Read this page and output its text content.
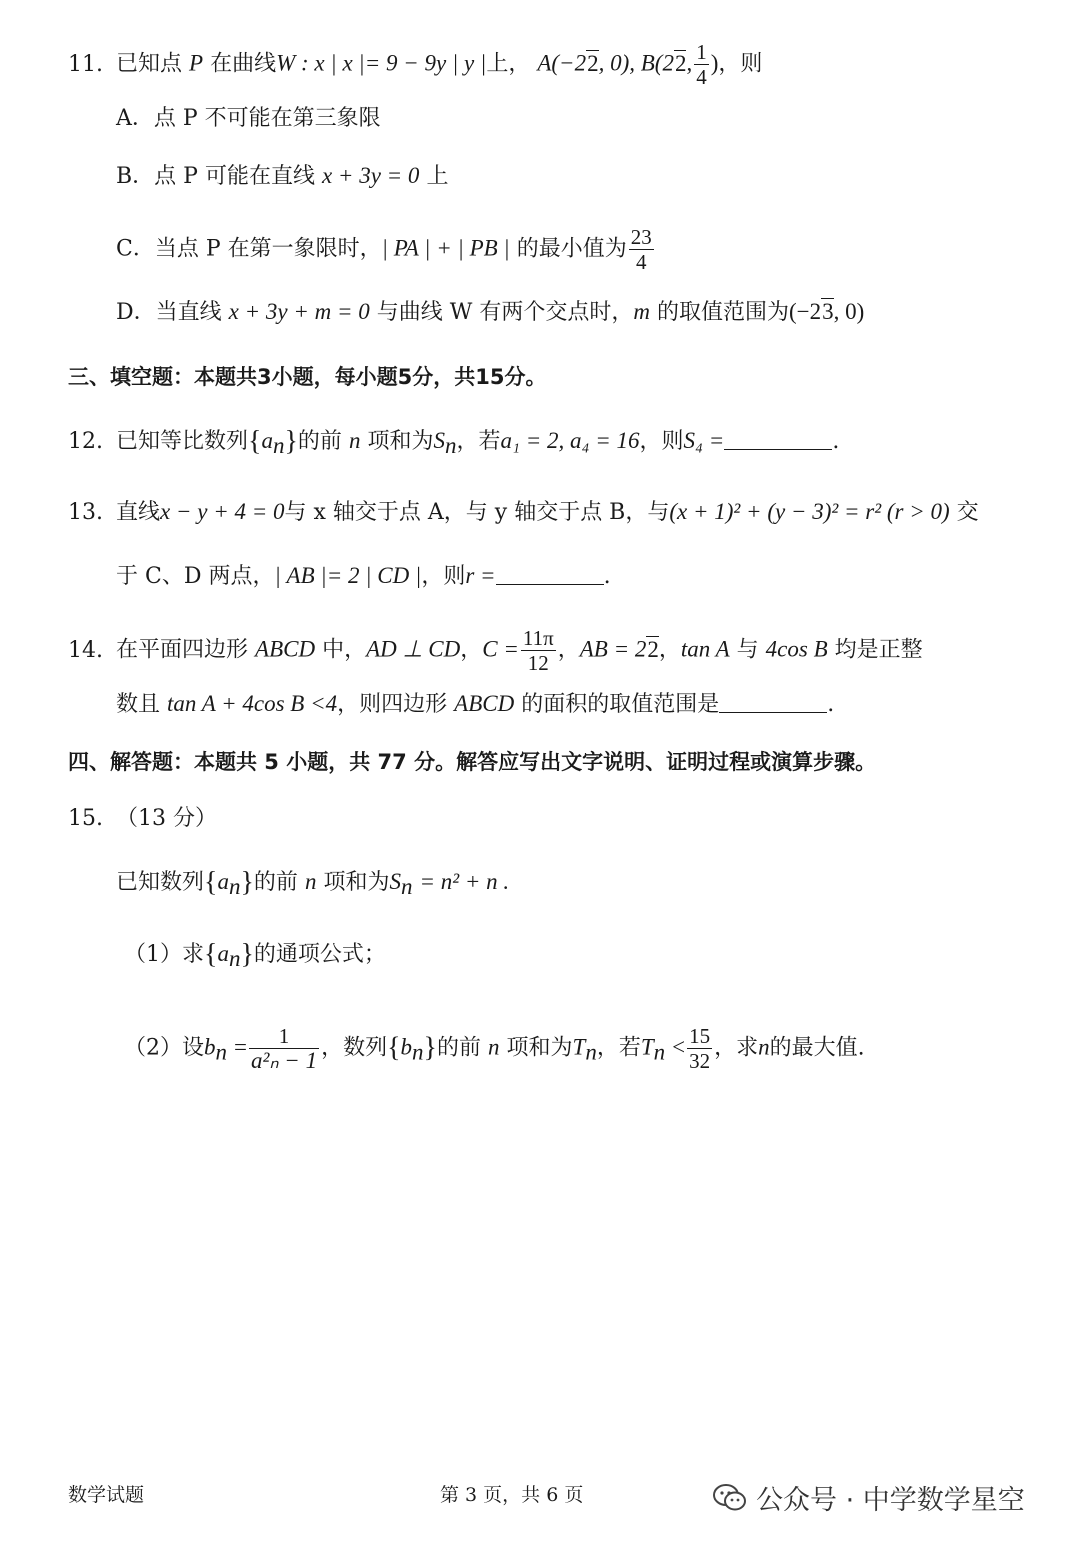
11. 已知点 P 在曲线W : x | x |= 9 − 9y | y |上， A(−22, 0), B(22, $\frac{1}{4}$ )，则
A．点 P 不可能在第三象限
B．点 P 可能在直线 x + 3y = 0 上
C．当点 P 在第一象限时，| PA | + | PB | 的最小值为 $\frac{23}{4}$
D．当直线 x + 3y + m = 0 与曲线 W 有两个交点时，m 的取值范围为(−23, 0)
三、填空题：本题共3小题，每小题5分，共15分。
12. 已知等比数列$\{a_n\}$的前 n 项和为$S_n$，若a₁ = 2, a₄ = 16，则S₄ =	.
13. 直线x − y + 4 = 0与 x 轴交于点 A，与 y 轴交于点 B，与(x + 1)² + (y − 3)² = r² (r > 0) 交
于 C、D 两点，| AB |= 2 | CD |，则r =	.
14. 在平面四边形 ABCD 中，AD ⊥ CD，$C = \frac{11\pi}{12}$ ，AB = 22，tan A 与 4cos B 均是正整
数且 tan A + 4cos B <4，则四边形 ABCD 的面积的取值范围是	.
四、解答题：本题共 5 小题，共 77 分。解答应写出文字说明、证明过程或演算步骤。
15. （13 分）
已知数列$\{a_n\}$的前 n 项和为$S_n = n^2 + n$ .
（1）求$\{a_n\}$的通项公式；
（2）设$b_n = \frac{1}{\text{a²ₙ − 1}}$ ，数列$\{b_n\}$的前 n 项和为$T_n$，若$T_n < \frac{15}{32}$ ，求n的最大值.
数学试题	第 3 页，共 6 页	公众号 · 中学数学星空
